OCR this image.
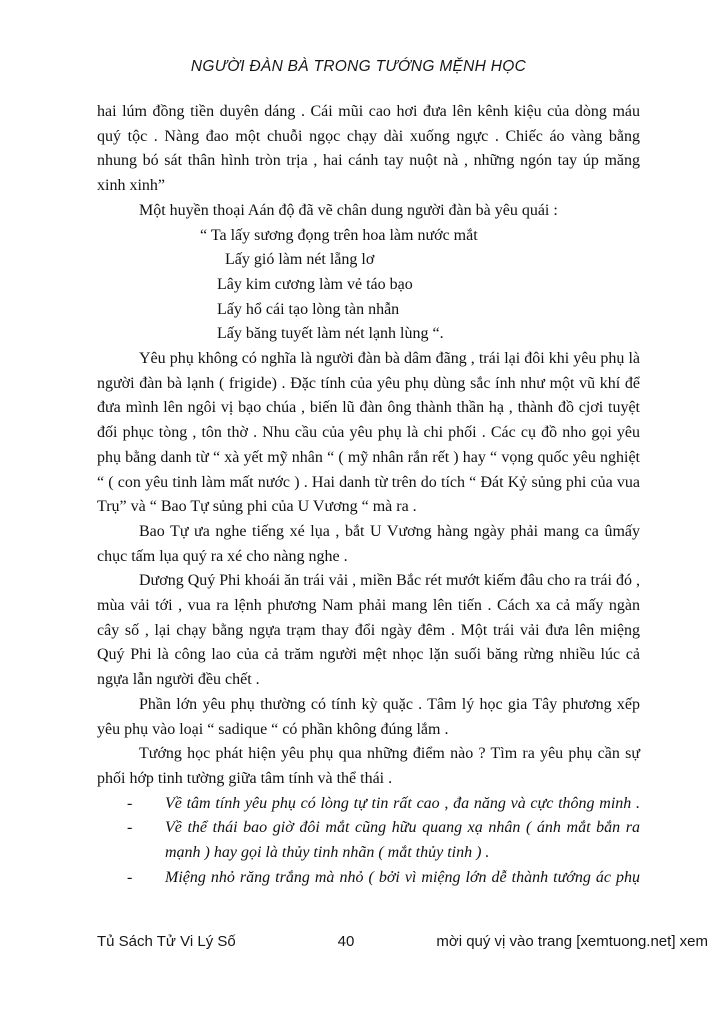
NGƯỜI ĐÀN BÀ TRONG TƯỚNG MỆNH HỌC
hai lúm đồng tiền duyên dáng . Cái mũi cao hơi đưa lên kênh kiệu của dòng máu
quý tộc . Nàng đao một chuỗi ngọc chạy dài xuống ngực . Chiếc áo vàng bằng
nhung bó sát thân hình tròn trịa , hai cánh tay nuột nà , những ngón tay úp măng
xinh xinh”
Một huyền thoại Aán độ đã vẽ chân dung người đàn bà yêu quái :
“ Ta lấy sương đọng trên hoa làm nước mắt
Lấy gió làm nét lẵng lơ
Lây kim cương làm vẻ táo bạo
Lấy hổ cái tạo lòng tàn nhẫn
Lấy băng tuyết làm nét lạnh lùng “.
Yêu phụ không có nghĩa là người đàn bà dâm đãng , trái lại đôi khi yêu phụ là
người đàn bà lạnh ( frigide) . Đặc tính của yêu phụ dùng sắc ính như một vũ khí để
đưa mình lên ngôi vị bạo chúa , biến lũ đàn ông thành thần hạ , thành đồ cjơi tuyệt
đối phục tòng , tôn thờ . Nhu cầu của yêu phụ là chi phối . Các cụ đồ nho gọi yêu
phụ bằng danh từ “ xà yết mỹ nhân “ ( mỹ nhân rắn rết ) hay “ vọng quốc yêu nghiệt
“ ( con yêu tinh làm mất nước ) . Hai danh từ trên do tích “ Đát Kỷ sủng phi của vua
Trụ” và “ Bao Tự sủng phi của U Vương “ mà ra .
Bao Tự ưa nghe tiếng xé lụa , bắt U Vương hàng ngày phải mang ca ûmấy
chục tấm lụa quý ra xé cho nàng nghe .
Dương Quý Phi khoái ăn trái vải , miền Bắc rét mướt kiếm đâu cho ra trái đó ,
mùa vải tới , vua ra lệnh phương Nam phải mang lên tiến . Cách xa cả mấy ngàn
cây số , lại chạy bằng ngựa trạm thay đổi ngày đêm . Một trái vải đưa lên miệng
Quý Phi là công lao của cả trăm người mệt nhọc lặn suối băng rừng nhiều lúc cả
ngựa lẫn người đều chết .
Phần lớn yêu phụ thường có tính kỳ quặc . Tâm lý học gia Tây phương xếp
yêu phụ vào loại “ sadique “ có phần không đúng lắm .
Tướng học phát hiện yêu phụ qua những điểm nào ? Tìm ra yêu phụ cần sự
phối hớp tinh tường giữa tâm tính và thể thái .
- Về tâm tính yêu phụ có lòng tự tin rất cao , đa năng và cực thông minh .
- Về thể thái bao giờ đôi mắt cũng hữu quang xạ nhân ( ánh mắt bắn ra
mạnh ) hay gọi là thủy tinh nhãn ( mắt thủy tinh ) .
- Miệng nhỏ răng trắng mà nhỏ ( bởi vì miệng lớn dễ thành tướng ác phụ
Tủ Sách Tử Vi Lý Số	40	mời quý vị vào trang [xemtuong.net] xem
